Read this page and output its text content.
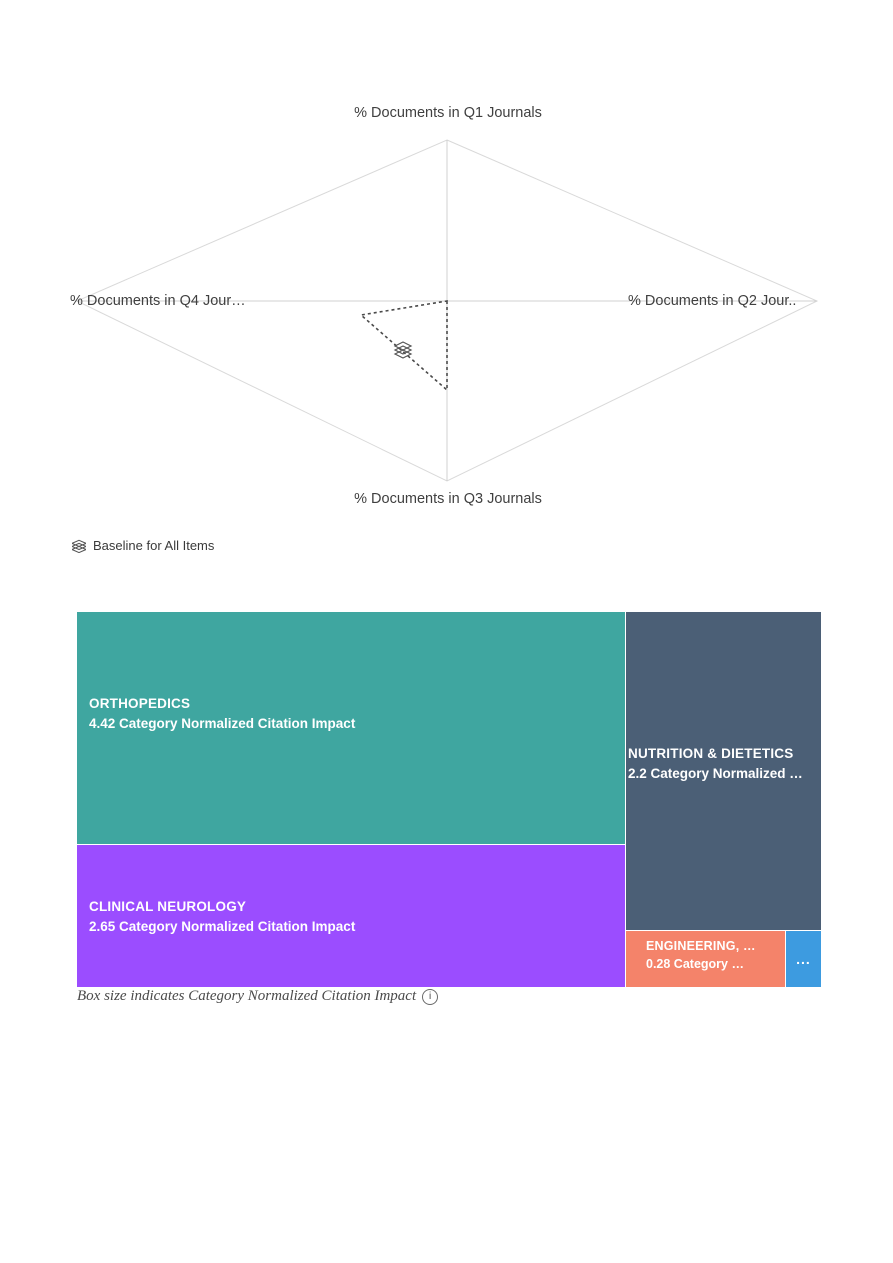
% Documents in Q1 Journals
% Documents in Q2 Jour..
% Documents in Q3 Journals
% Documents in Q4 Jour…
Baseline for All Items
ORTHOPEDICS
4.42 Category Normalized Citation Impact
CLINICAL NEUROLOGY
2.65 Category Normalized Citation Impact
NUTRITION & DIETETICS
2.2 Category Normalized …
ENGINEERING, …
0.28 Category …	...
Box size indicates Category Normalized Citation Impact	i
